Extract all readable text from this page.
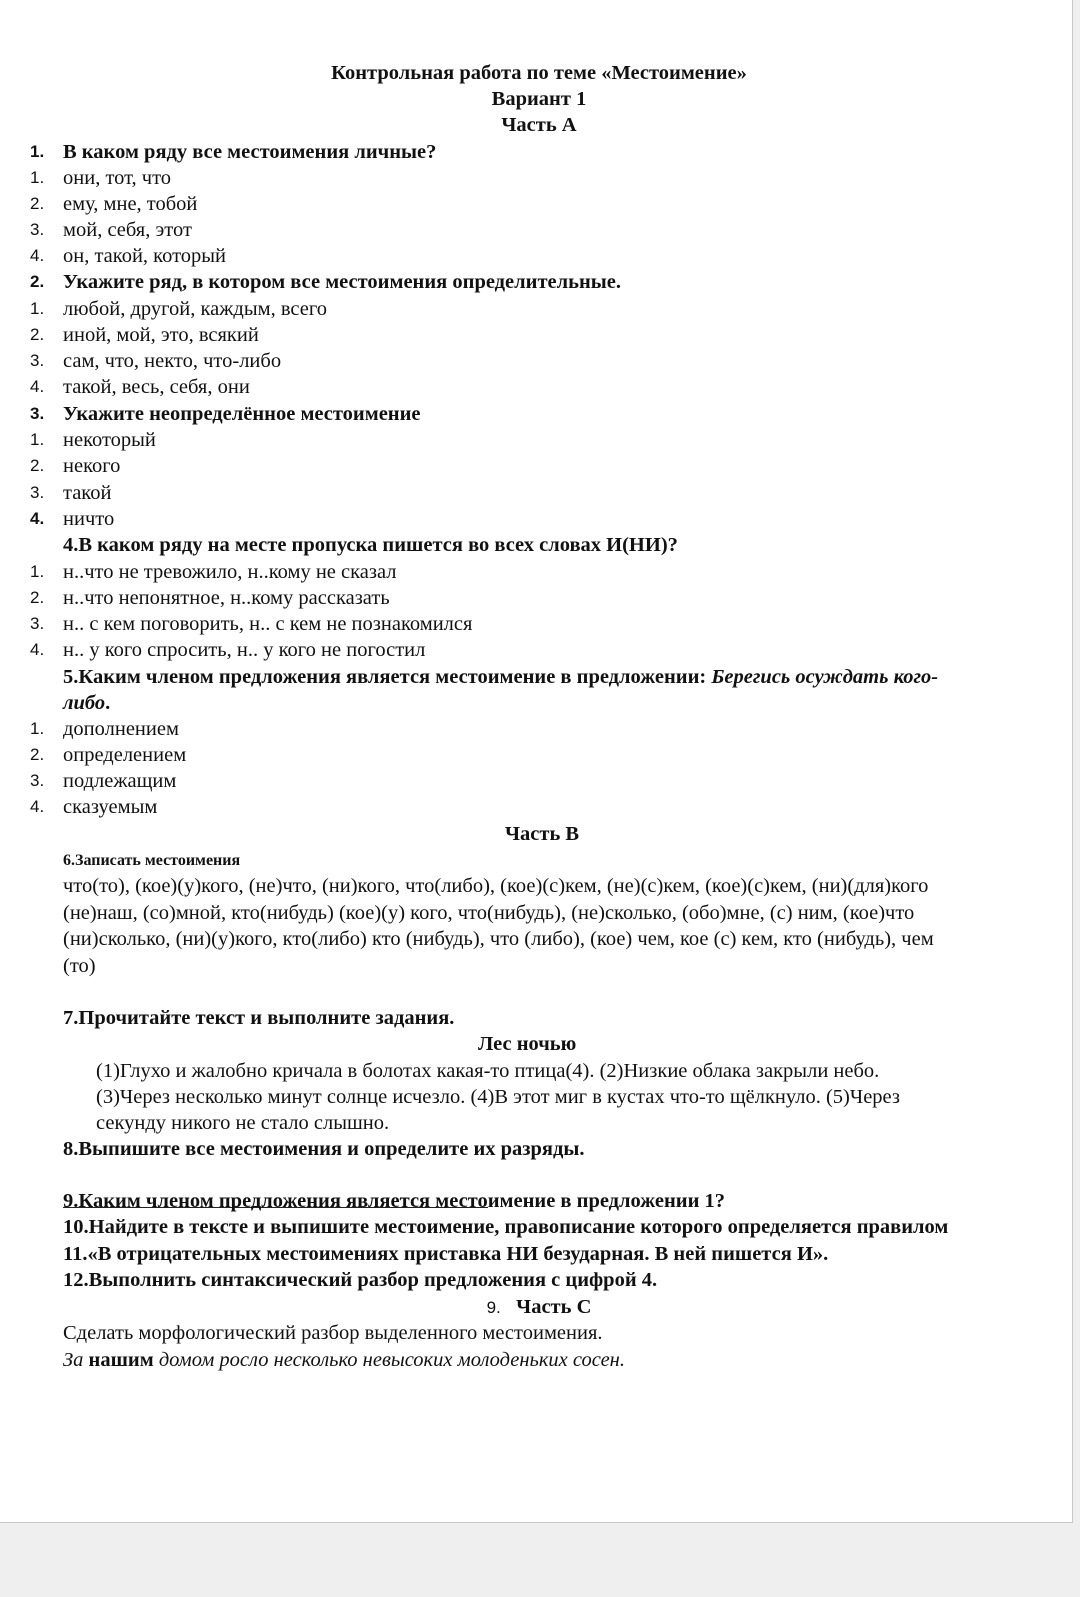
Контрольная работа по теме «Местоимение»
Вариант 1
Часть А
1. В каком ряду все местоимения личные?
1. они, тот, что
2. ему, мне, тобой
3. мой, себя, этот
4. он, такой, который
2. Укажите ряд, в котором все местоимения определительные.
1. любой, другой, каждым, всего
2. иной, мой, это, всякий
3. сам, что, некто, что-либо
4. такой, весь, себя, они
3. Укажите неопределённое местоимение
1. некоторый
2. некого
3. такой
4. ничто
4.В каком ряду на месте пропуска пишется во всех словах И(НИ)?
1. н..что не тревожило, н..кому не сказал
2. н..что непонятное, н..кому рассказать
3. н.. с кем поговорить, н.. с кем не познакомился
4. н.. у кого спросить, н.. у кого не погостил
5.Каким членом предложения является местоимение в предложении: Берегись осуждать кого-
либо.
1. дополнением
2. определением
3. подлежащим
4. сказуемым
Часть В
6.Записать местоимения
что(то), (кое)(у)кого, (не)что, (ни)кого, что(либо), (кое)(с)кем, (не)(с)кем, (кое)(с)кем, (ни)(для)кого
(не)наш, (со)мной, кто(нибудь) (кое)(у) кого, что(нибудь), (не)сколько, (обо)мне, (с) ним, (кое)что
(ни)сколько, (ни)(у)кого, кто(либо) кто (нибудь), что (либо), (кое) чем, кое (с) кем, кто (нибудь), чем
(то)
7.Прочитайте текст и выполните задания.
Лес ночью
(1)Глухо и жалобно кричала в болотах какая-то птица(4). (2)Низкие облака закрыли небо.
(3)Через несколько минут солнце исчезло. (4)В этот миг в кустах что-то щёлкнуло. (5)Через
секунду никого не стало слышно.
8.Выпишите все местоимения и определите их разряды.
9.Каким членом предложения является местоимение в предложении 1?
10.Найдите в тексте и выпишите местоимение, правописание которого определяется правилом
11.«В отрицательных местоимениях приставка НИ безударная. В ней пишется И».
12.Выполнить синтаксический разбор предложения с цифрой 4.
9. Часть С
Сделать морфологический разбор выделенного местоимения.
За нашим домом росло несколько невысоких молоденьких сосен.
